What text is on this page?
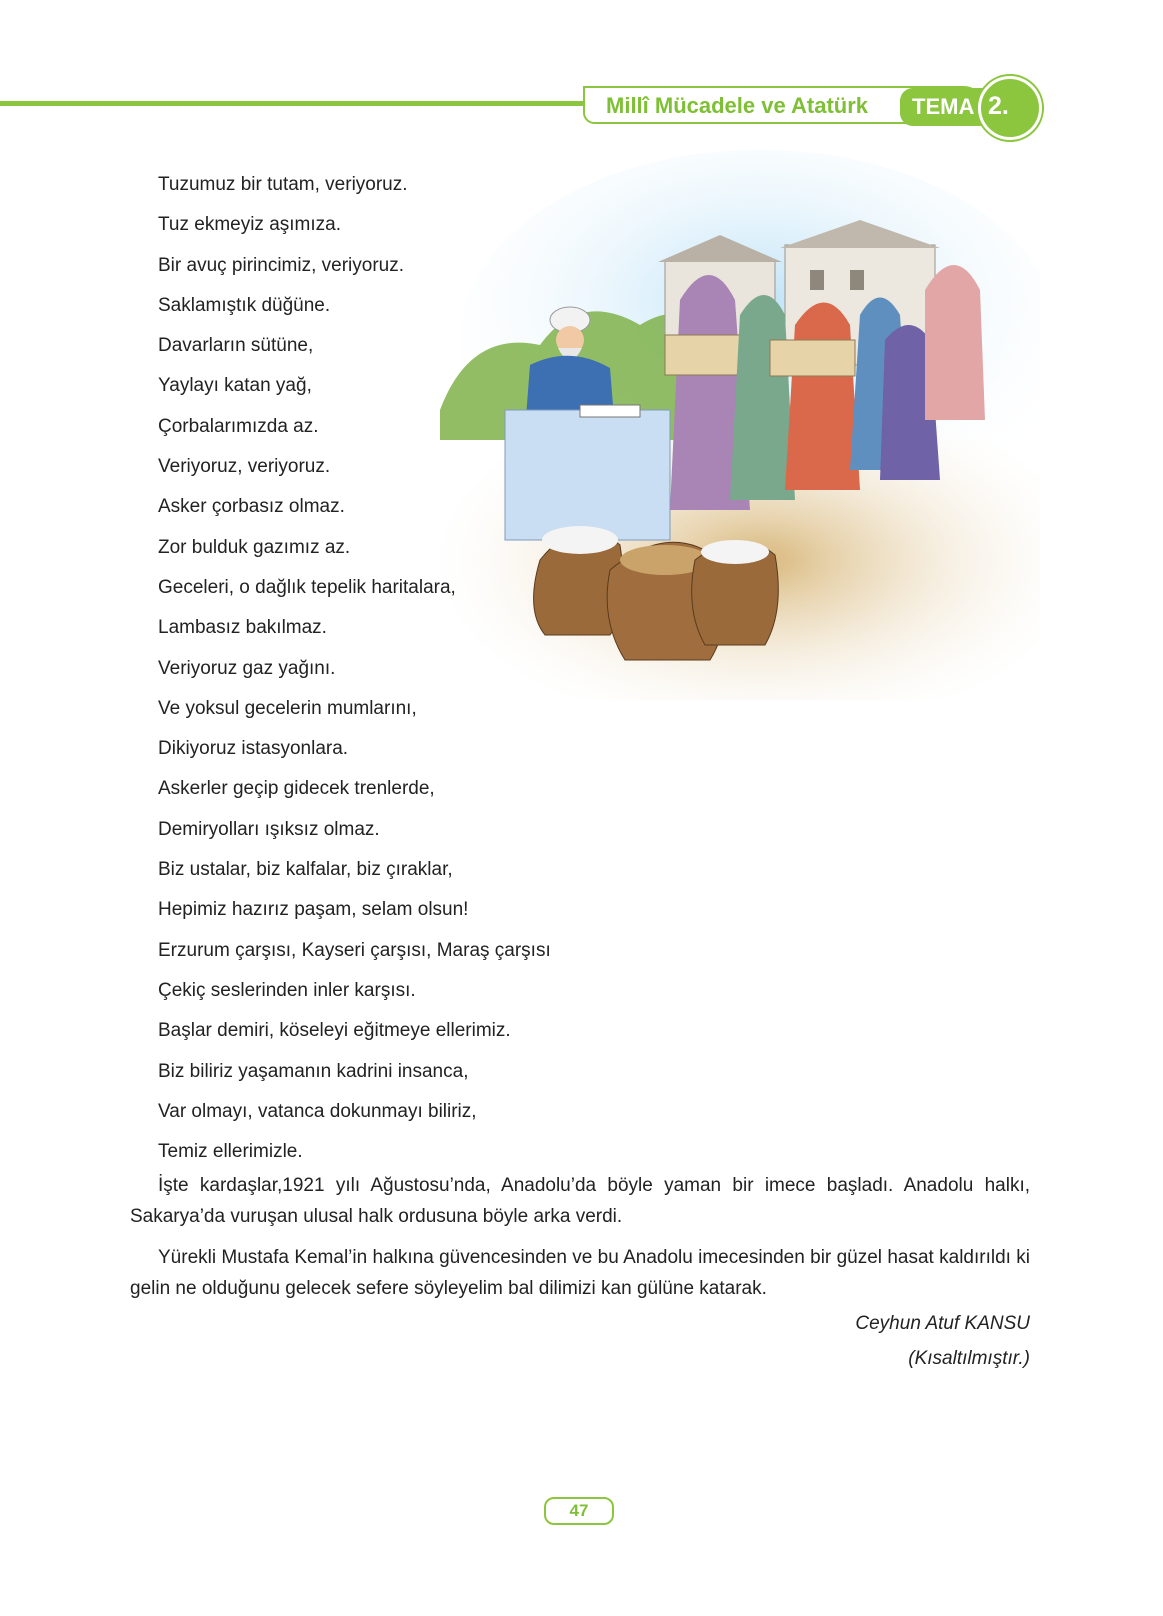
Millî Mücadele ve Atatürk TEMA 2.
Tuzumuz bir tutam, veriyoruz.
Tuz ekmeyiz aşımıza.
Bir avuç pirincimiz, veriyoruz.
Saklamıştık düğüne.
Davarların sütüne,
Yaylayı katan yağ,
Çorbalarımızda az.
Veriyoruz, veriyoruz.
Asker çorbasız olmaz.
Zor bulduk gazımız az.
Geceleri, o dağlık tepelik haritalara,
Lambasız bakılmaz.
Veriyoruz gaz yağını.
Ve yoksul gecelerin mumlarını,
Dikiyoruz istasyonlara.
Askerler geçip gidecek trenlerde,
Demiryolları ışıksız olmaz.
Biz ustalar, biz kalfalar, biz çıraklar,
Hepimiz hazırız paşam, selam olsun!
Erzurum çarşısı, Kayseri çarşısı, Maraş çarşısı
Çekiç seslerinden inler karşısı.
Başlar demiri, köseleyi eğitmeye ellerimiz.
Biz biliriz yaşamanın kadrini insanca,
Var olmayı, vatanca dokunmayı biliriz,
Temiz ellerimizle.

İşte kardaşlar,1921 yılı Ağustosu’nda, Anadolu’da böyle yaman bir imece başladı. Anadolu halkı, Sakarya’da vuruşan ulusal halk ordusuna böyle arka verdi.

Yürekli Mustafa Kemal’in halkına güvencesinden ve bu Anadolu imecesinden bir güzel hasat kaldırıldı ki gelin ne olduğunu gelecek sefere söyleyelim bal dilimizi kan gülüne katarak.

Ceyhun Atuf KANSU
(Kısaltılmıştır.)
47
